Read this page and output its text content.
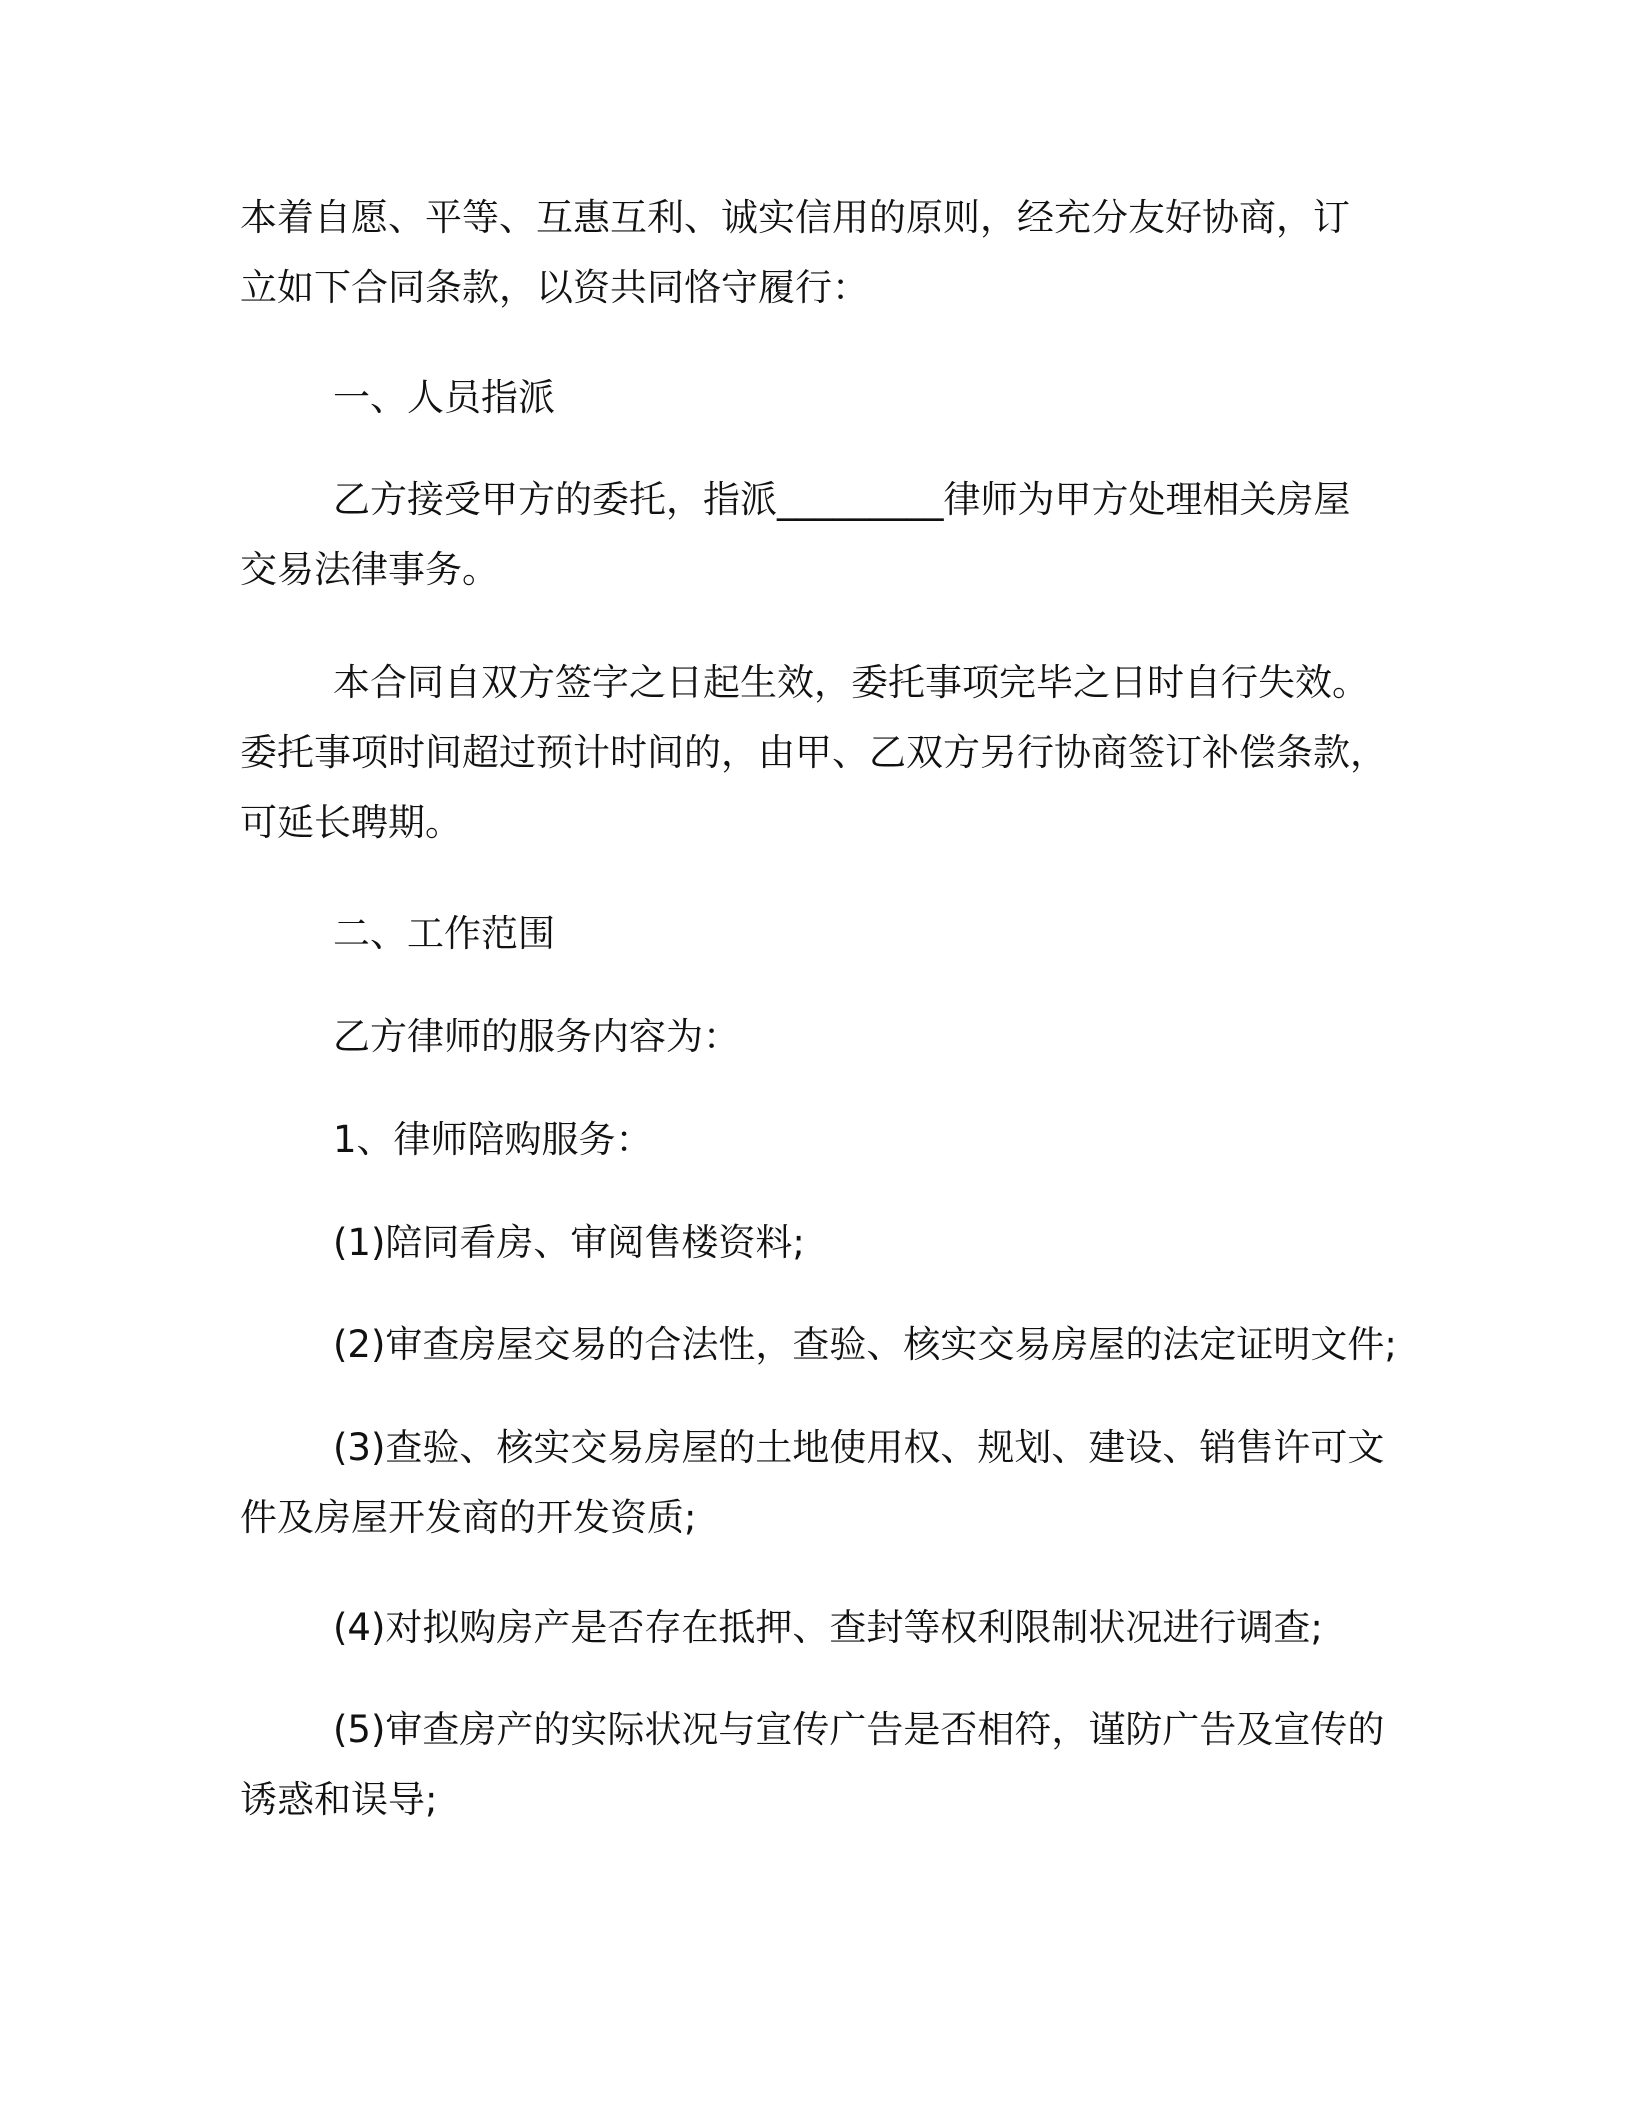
本着自愿、平等、互惠互利、诚实信用的原则，经充分友好协商，订
立如下合同条款，以资共同恪守履行：
一、人员指派
乙方接受甲方的委托，指派_________律师为甲方处理相关房屋
交易法律事务。
本合同自双方签字之日起生效，委托事项完毕之日时自行失效。
委托事项时间超过预计时间的，由甲、乙双方另行协商签订补偿条款，
可延长聘期。
二、工作范围
乙方律师的服务内容为：
1、律师陪购服务：
(1)陪同看房、审阅售楼资料;
(2)审查房屋交易的合法性，查验、核实交易房屋的法定证明文件;
(3)查验、核实交易房屋的土地使用权、规划、建设、销售许可文
件及房屋开发商的开发资质;
(4)对拟购房产是否存在抵押、查封等权利限制状况进行调查;
(5)审查房产的实际状况与宣传广告是否相符，谨防广告及宣传的
诱惑和误导;
